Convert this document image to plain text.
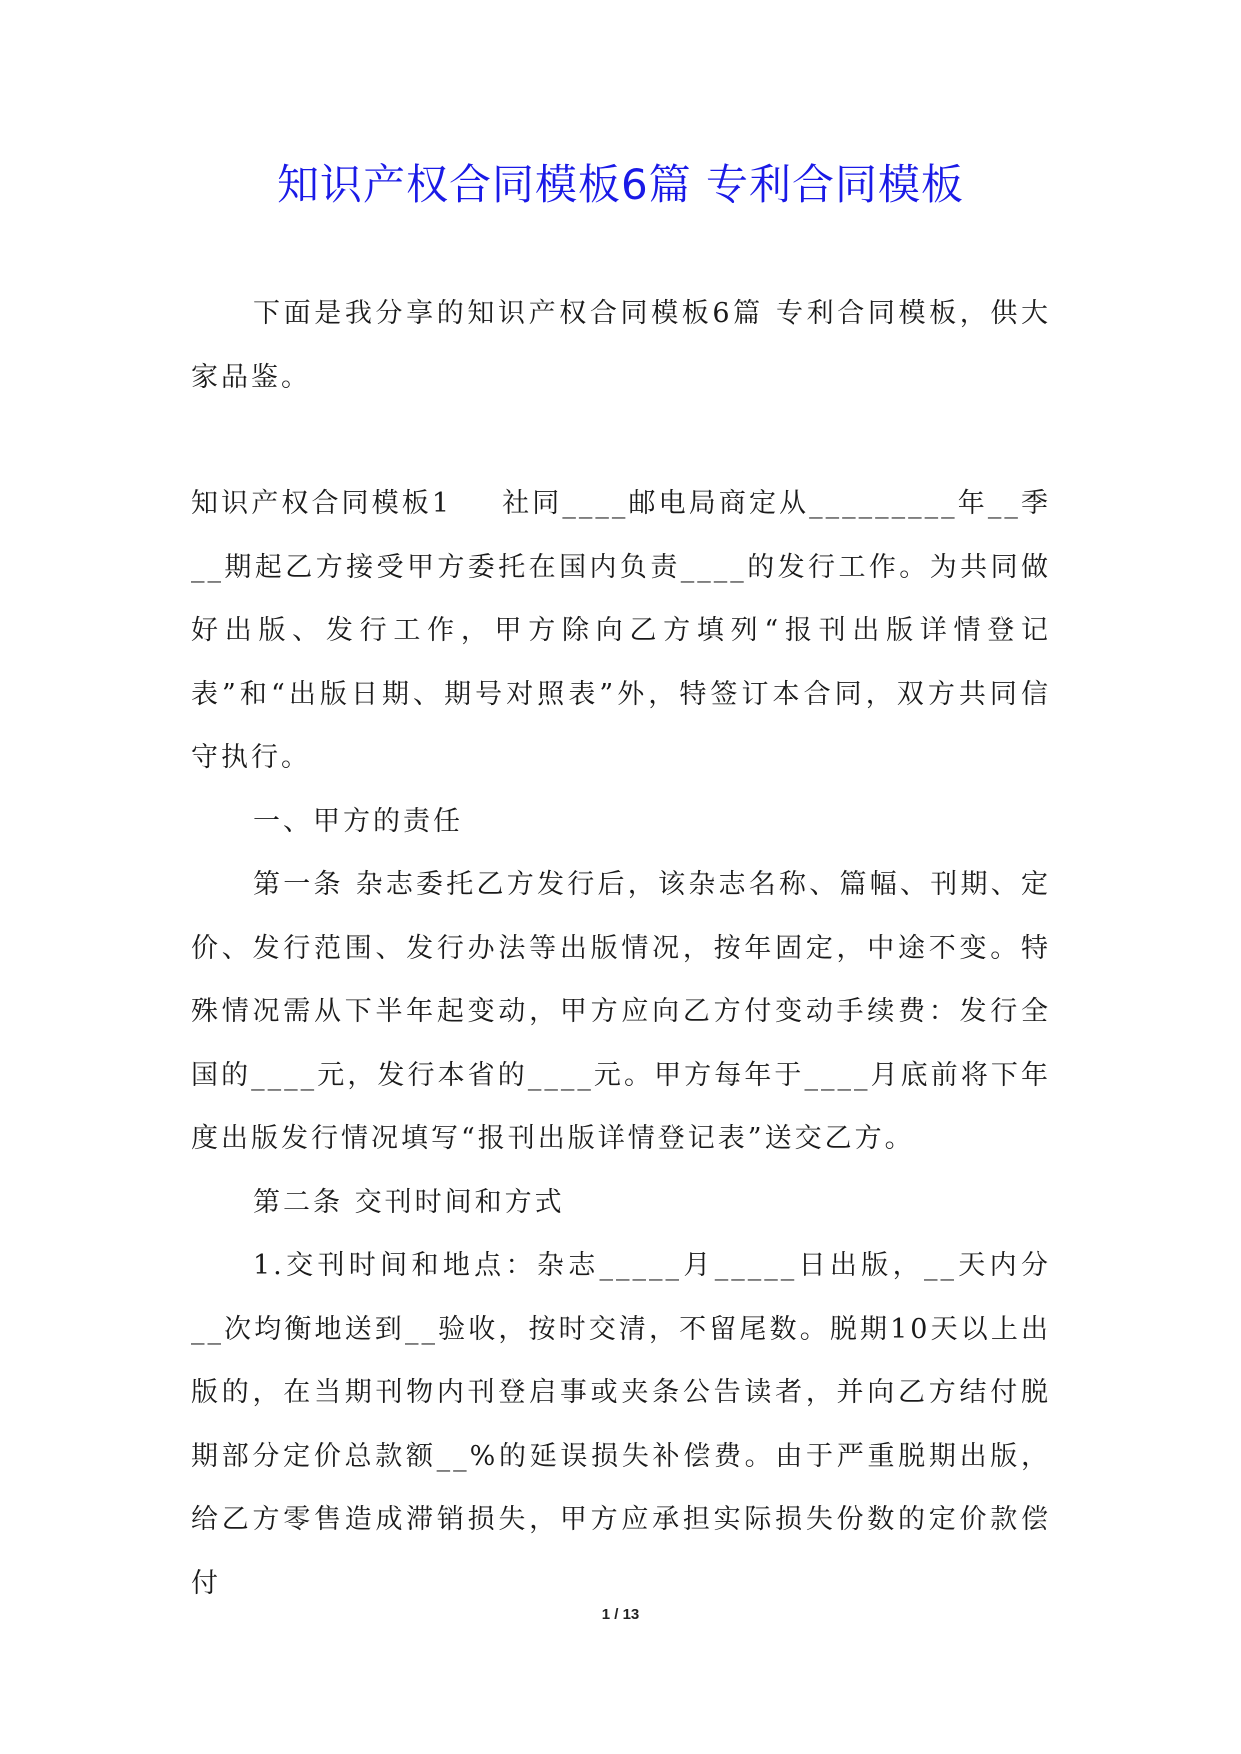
知识产权合同模板6篇 专利合同模板

下面是我分享的知识产权合同模板6篇 专利合同模板，供大家品鉴。

知识产权合同模板1 社同____邮电局商定从_________年__季__期起乙方接受甲方委托在国内负责____的发行工作。为共同做好出版、发行工作，甲方除向乙方填列“报刊出版详情登记表”和“出版日期、期号对照表”外，特签订本合同，双方共同信守执行。

一、甲方的责任

第一条 杂志委托乙方发行后，该杂志名称、篇幅、刊期、定价、发行范围、发行办法等出版情况，按年固定，中途不变。特殊情况需从下半年起变动，甲方应向乙方付变动手续费：发行全国的____元，发行本省的____元。甲方每年于____月底前将下年度出版发行情况填写“报刊出版详情登记表”送交乙方。

第二条 交刊时间和方式

1.交刊时间和地点：杂志_____月_____日出版，__天内分__次均衡地送到__验收，按时交清，不留尾数。脱期10天以上出版的，在当期刊物内刊登启事或夹条公告读者，并向乙方结付脱期部分定价总款额__%的延误损失补偿费。由于严重脱期出版，给乙方零售造成滞销损失，甲方应承担实际损失份数的定价款偿付

1 / 13
